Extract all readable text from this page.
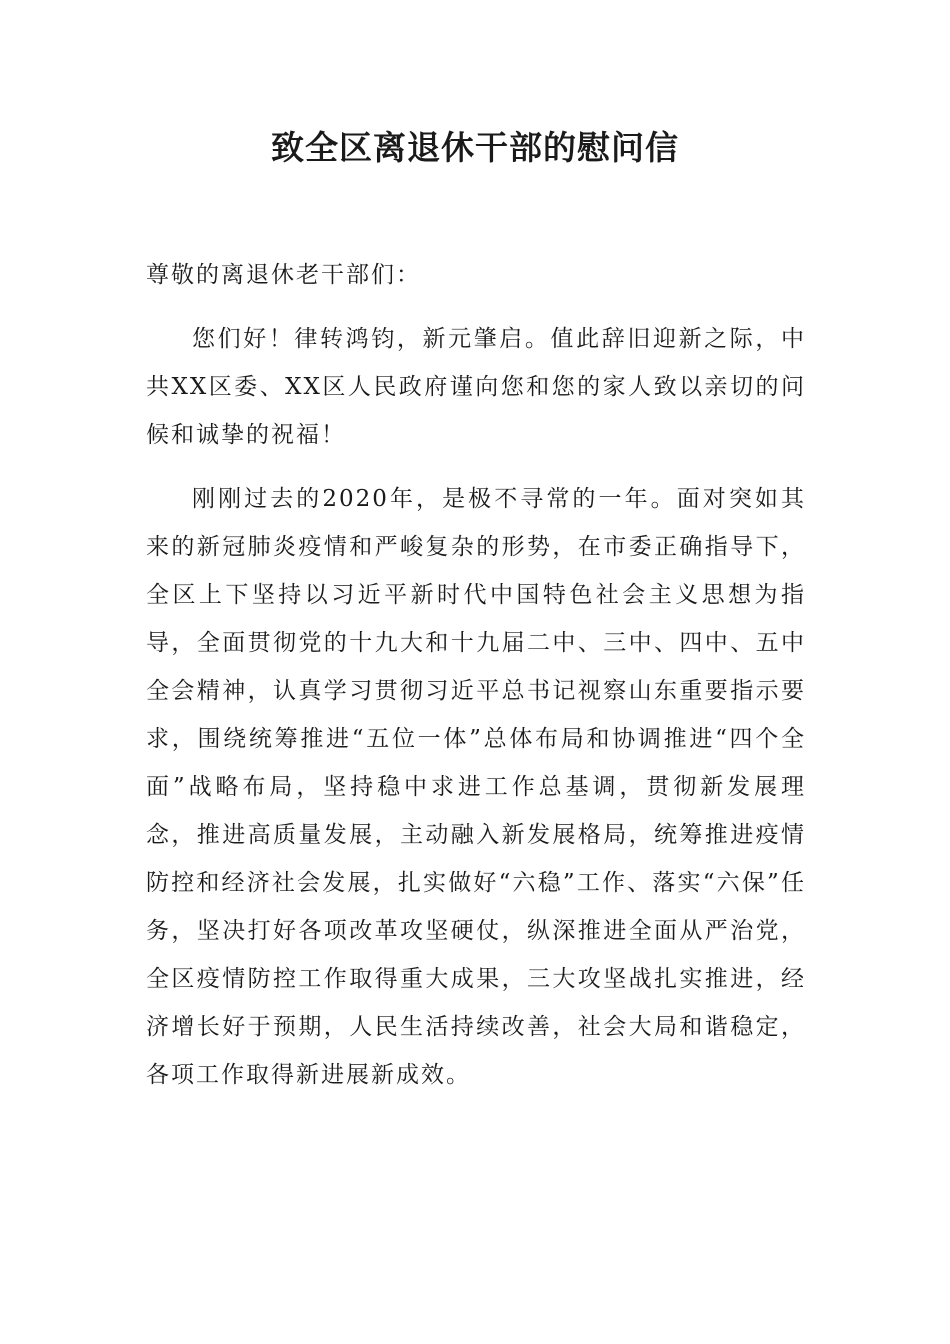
致全区离退休干部的慰问信

尊敬的离退休老干部们：

您们好！律转鸿钧，新元肇启。值此辞旧迎新之际，中共XX区委、XX区人民政府谨向您和您的家人致以亲切的问候和诚挚的祝福！

刚刚过去的2020年，是极不寻常的一年。面对突如其来的新冠肺炎疫情和严峻复杂的形势，在市委正确指导下，全区上下坚持以习近平新时代中国特色社会主义思想为指导，全面贯彻党的十九大和十九届二中、三中、四中、五中全会精神，认真学习贯彻习近平总书记视察山东重要指示要求，围绕统筹推进“五位一体”总体布局和协调推进“四个全面”战略布局，坚持稳中求进工作总基调，贯彻新发展理念，推进高质量发展，主动融入新发展格局，统筹推进疫情防控和经济社会发展，扎实做好“六稳”工作、落实“六保”任务，坚决打好各项改革攻坚硬仗，纵深推进全面从严治党，全区疫情防控工作取得重大成果，三大攻坚战扎实推进，经济增长好于预期，人民生活持续改善，社会大局和谐稳定，各项工作取得新进展新成效。
